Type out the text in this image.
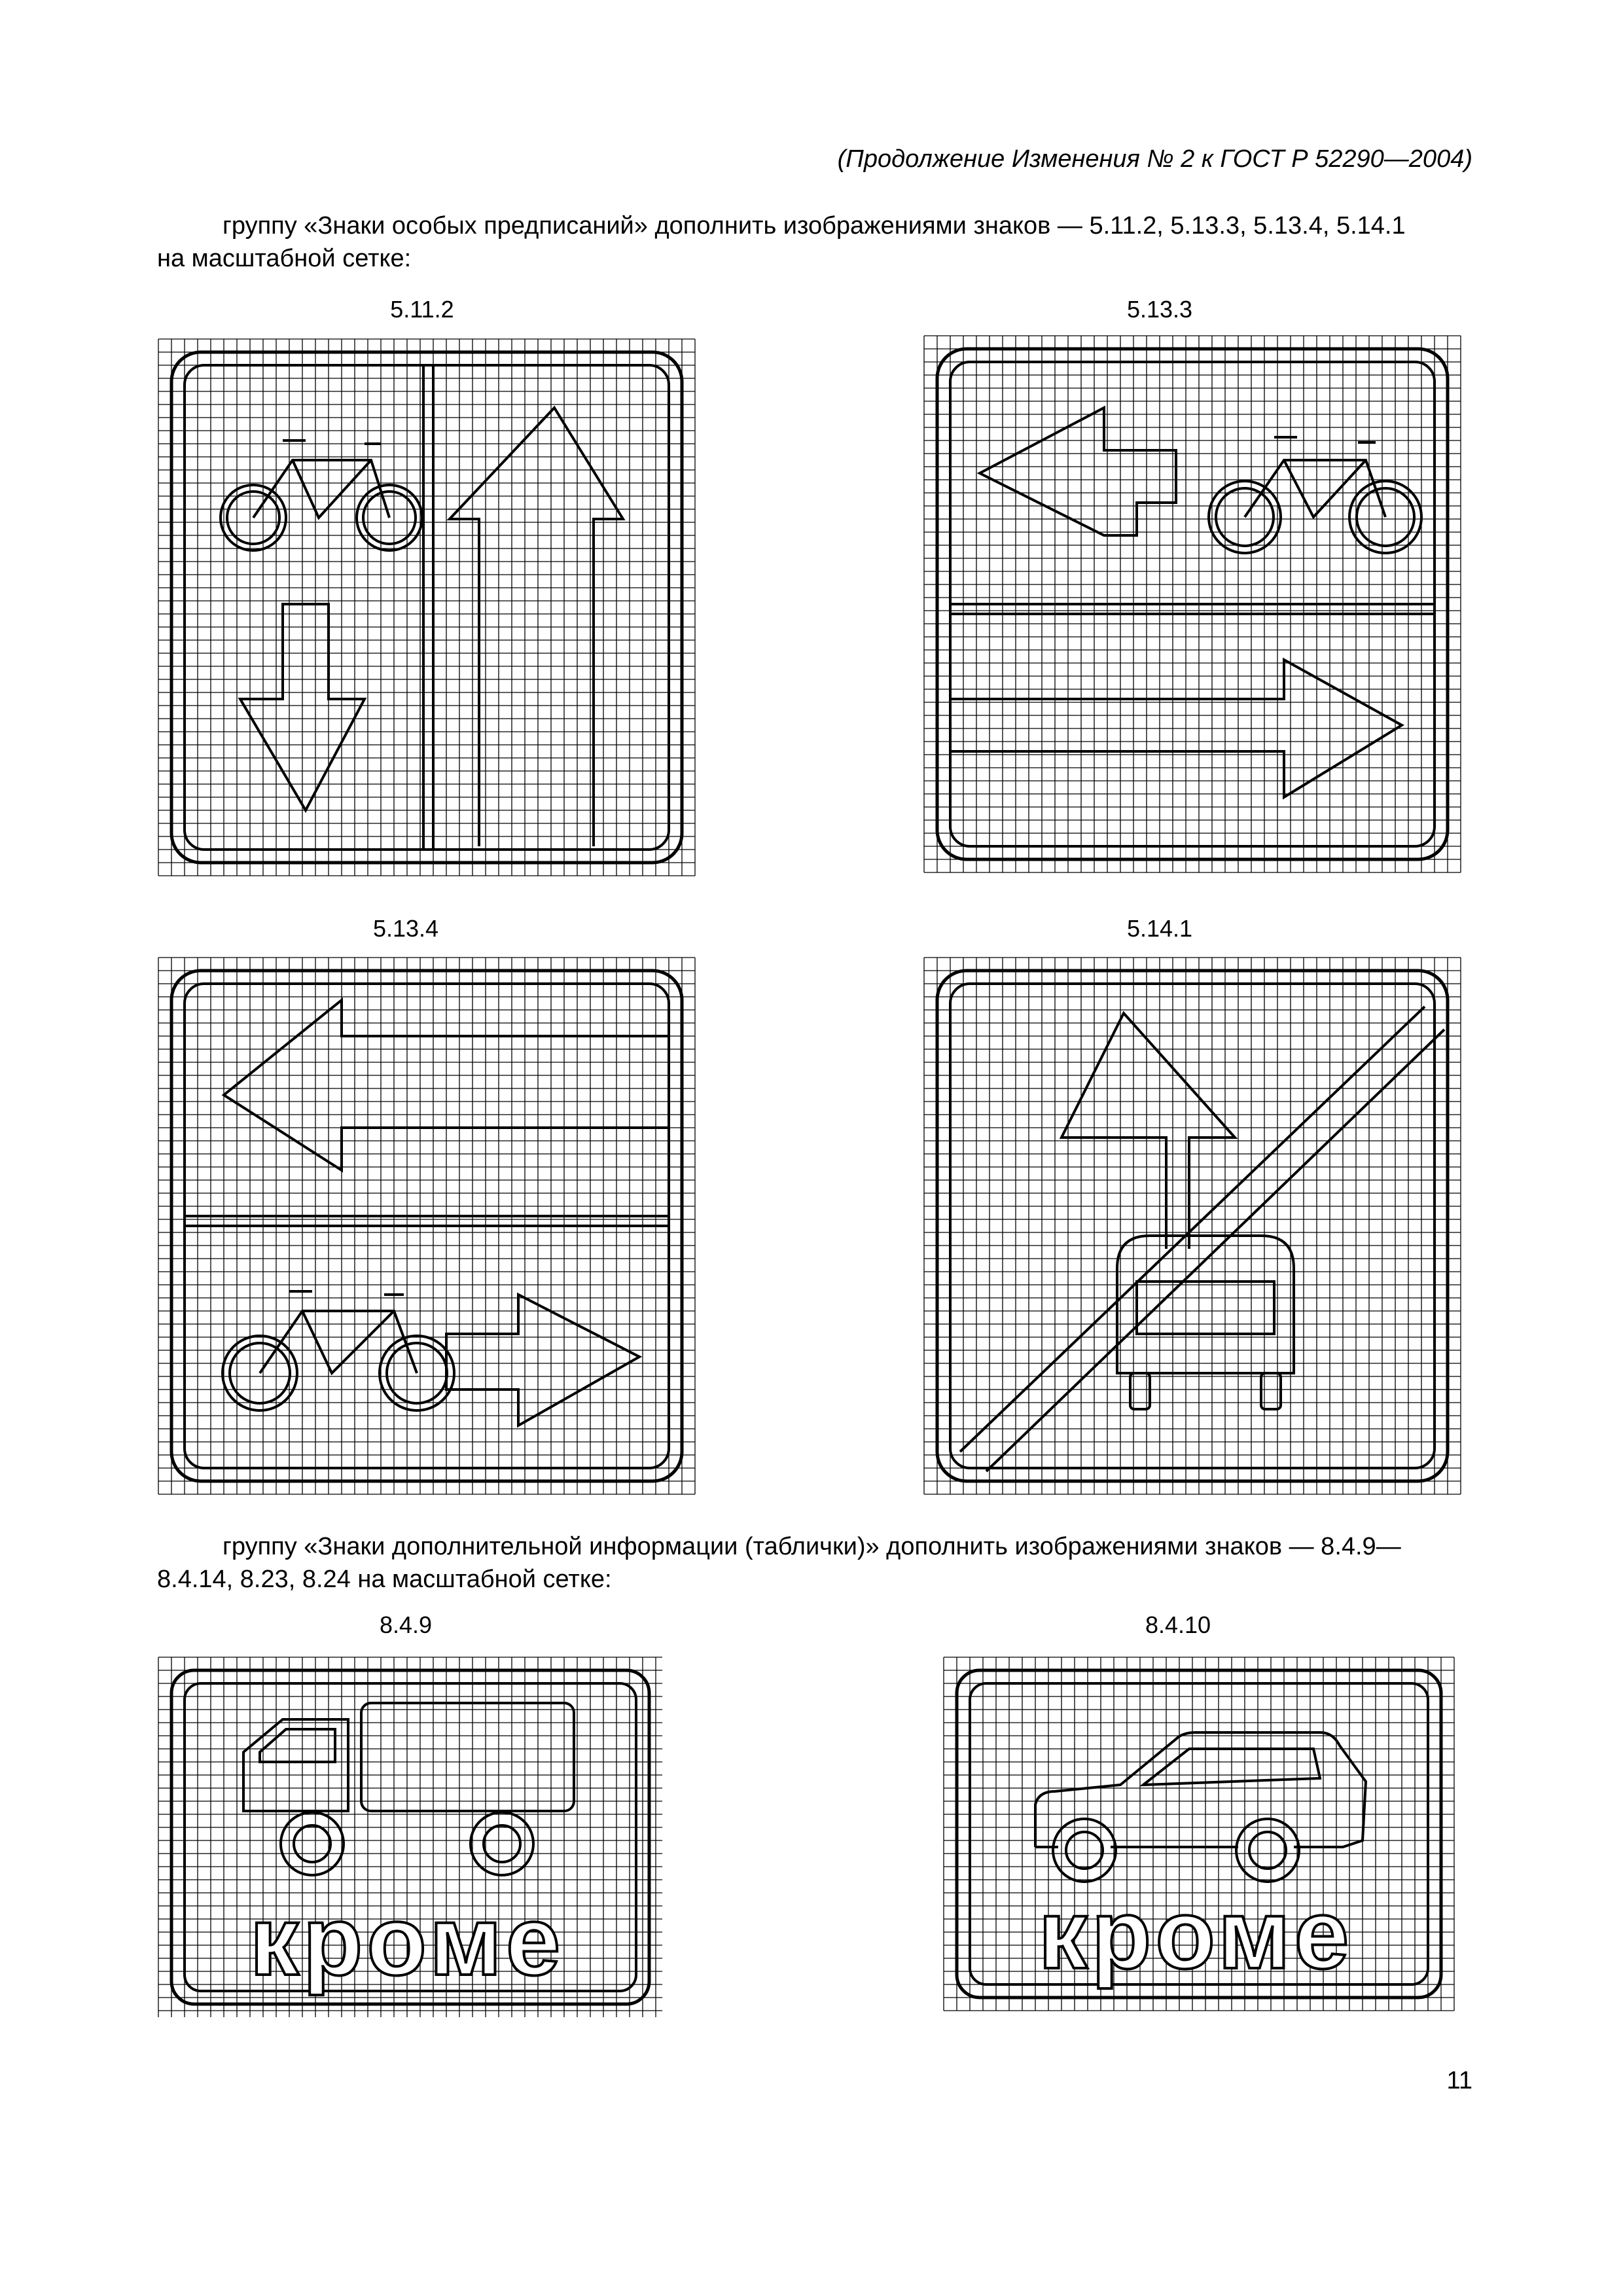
(Продолжение Изменения № 2 к ГОСТ Р 52290—2004)
группу «Знаки особых предписаний» дополнить изображениями знаков — 5.11.2, 5.13.3, 5.13.4, 5.14.1
на масштабной сетке:
5.11.2	5.13.3
5.13.4	5.14.1
группу «Знаки дополнительной информации (таблички)» дополнить изображениями знаков — 8.4.9—
8.4.14, 8.23, 8.24 на масштабной сетке:
8.4.9
кроме
8.4.10
кроме
11
